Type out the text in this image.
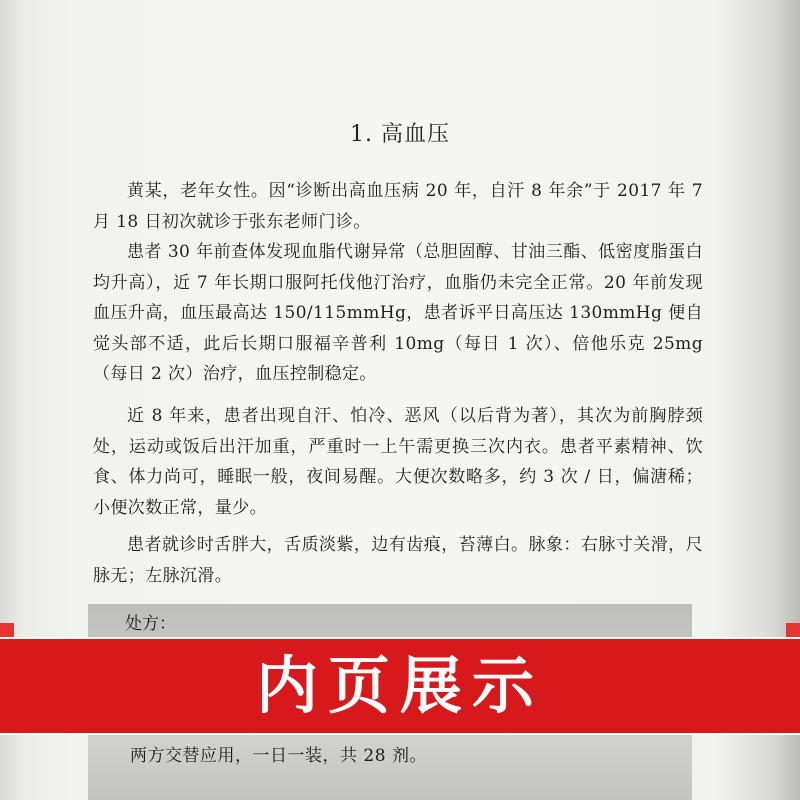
1. 高血压

黄某，老年女性。因“诊断出高血压病 20 年，自汗 8 年余”于 2017 年 7 月 18 日初次就诊于张东老师门诊。

患者 30 年前查体发现血脂代谢异常（总胆固醇、甘油三酯、低密度脂蛋白均升高），近 7 年长期口服阿托伐他汀治疗，血脂仍未完全正常。20 年前发现血压升高，血压最高达 150/115mmHg，患者诉平日高压达 130mmHg 便自觉头部不适，此后长期口服福辛普利 10mg（每日 1 次）、倍他乐克 25mg（每日 2 次）治疗，血压控制稳定。

近 8 年来，患者出现自汗、怕冷、恶风（以后背为著），其次为前胸脖颈处，运动或饭后出汗加重，严重时一上午需更换三次内衣。患者平素精神、饮食、体力尚可，睡眠一般，夜间易醒。大便次数略多，约 3 次 / 日，偏溏稀；小便次数正常，量少。

患者就诊时舌胖大，舌质淡紫，边有齿痕，苔薄白。脉象：右脉寸关滑，尺脉无；左脉沉滑。

处方：
两方交替应用，一日一装，共 28 剂。
内页展示
